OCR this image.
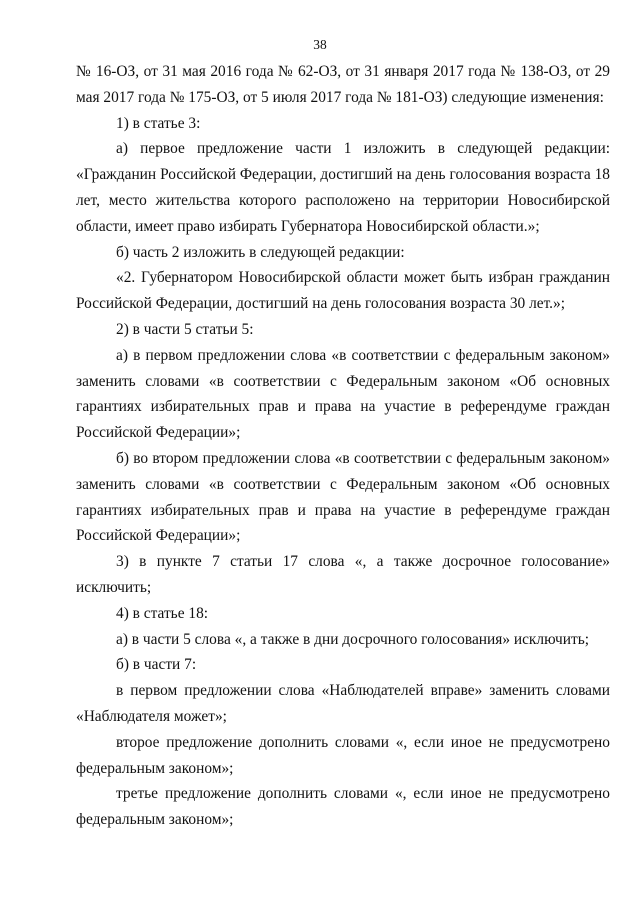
38

№ 16-ОЗ, от 31 мая 2016 года № 62-ОЗ, от 31 января 2017 года № 138-ОЗ, от 29 мая 2017 года № 175-ОЗ, от 5 июля 2017 года № 181-ОЗ) следующие изменения:

1) в статье 3:

а) первое предложение части 1 изложить в следующей редакции: «Гражданин Российской Федерации, достигший на день голосования возраста 18 лет, место жительства которого расположено на территории Новосибирской области, имеет право избирать Губернатора Новосибирской области.»;

б) часть 2 изложить в следующей редакции:

«2. Губернатором Новосибирской области может быть избран гражданин Российской Федерации, достигший на день голосования возраста 30 лет.»;

2) в части 5 статьи 5:

а) в первом предложении слова «в соответствии с федеральным законом» заменить словами «в соответствии с Федеральным законом «Об основных гарантиях избирательных прав и права на участие в референдуме граждан Российской Федерации»;

б) во втором предложении слова «в соответствии с федеральным законом» заменить словами «в соответствии с Федеральным законом «Об основных гарантиях избирательных прав и права на участие в референдуме граждан Российской Федерации»;

3) в пункте 7 статьи 17 слова «, а также досрочное голосование» исключить;

4) в статье 18:

а) в части 5 слова «, а также в дни досрочного голосования» исключить;

б) в части 7:

в первом предложении слова «Наблюдателей вправе» заменить словами «Наблюдателя может»;

второе предложение дополнить словами «, если иное не предусмотрено федеральным законом»;

третье предложение дополнить словами «, если иное не предусмотрено федеральным законом»;
